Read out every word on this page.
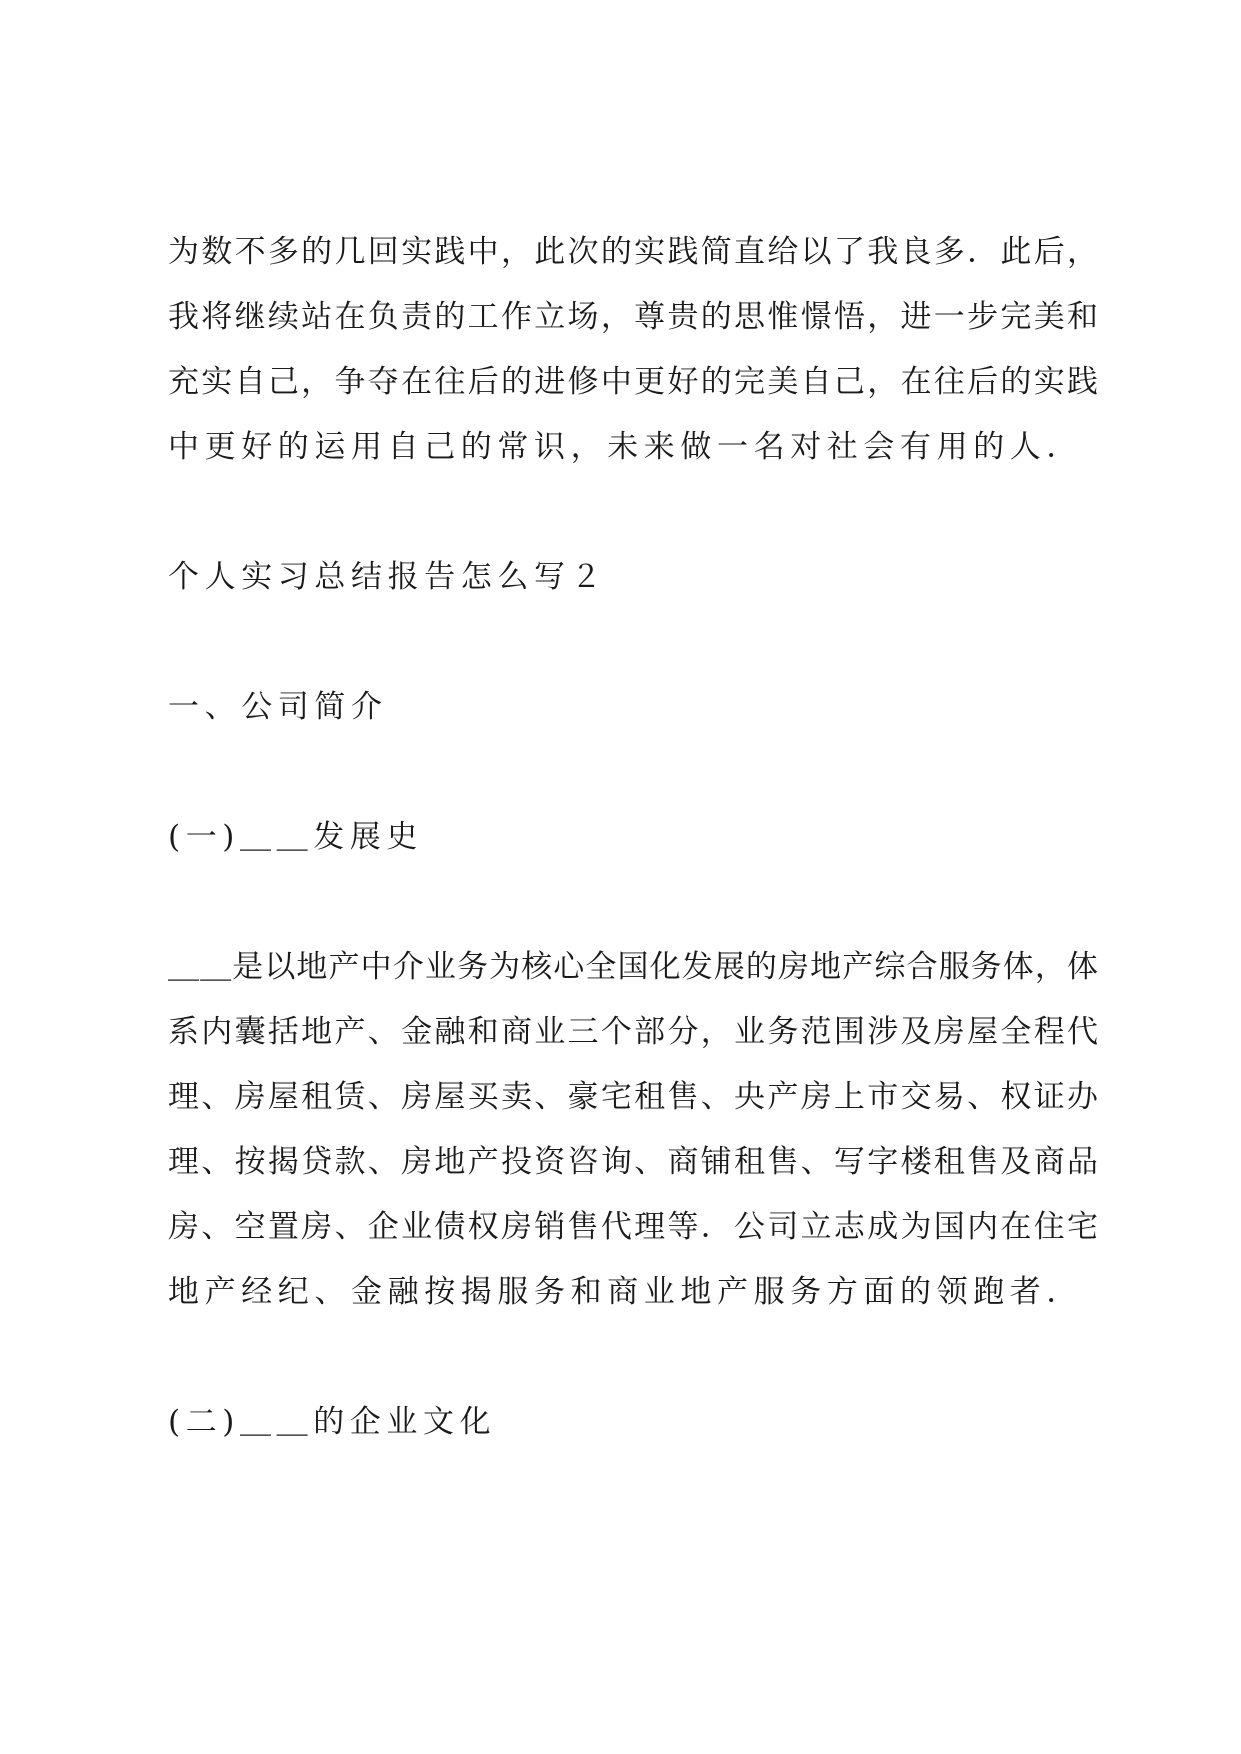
为数不多的几回实践中，此次的实践简直给以了我良多．此后，
我将继续站在负责的工作立场，尊贵的思惟憬悟，进一步完美和
充实自己，争夺在往后的进修中更好的完美自己，在往后的实践
中更好的运用自己的常识，未来做一名对社会有用的人．
个人实习总结报告怎么写２
一、公司简介
(一)＿＿发展史
＿＿是以地产中介业务为核心全国化发展的房地产综合服务体，体
系内囊括地产、金融和商业三个部分，业务范围涉及房屋全程代
理、房屋租赁、房屋买卖、豪宅租售、央产房上市交易、权证办
理、按揭贷款、房地产投资咨询、商铺租售、写字楼租售及商品
房、空置房、企业债权房销售代理等．公司立志成为国内在住宅
地产经纪、金融按揭服务和商业地产服务方面的领跑者．
(二)＿＿的企业文化
